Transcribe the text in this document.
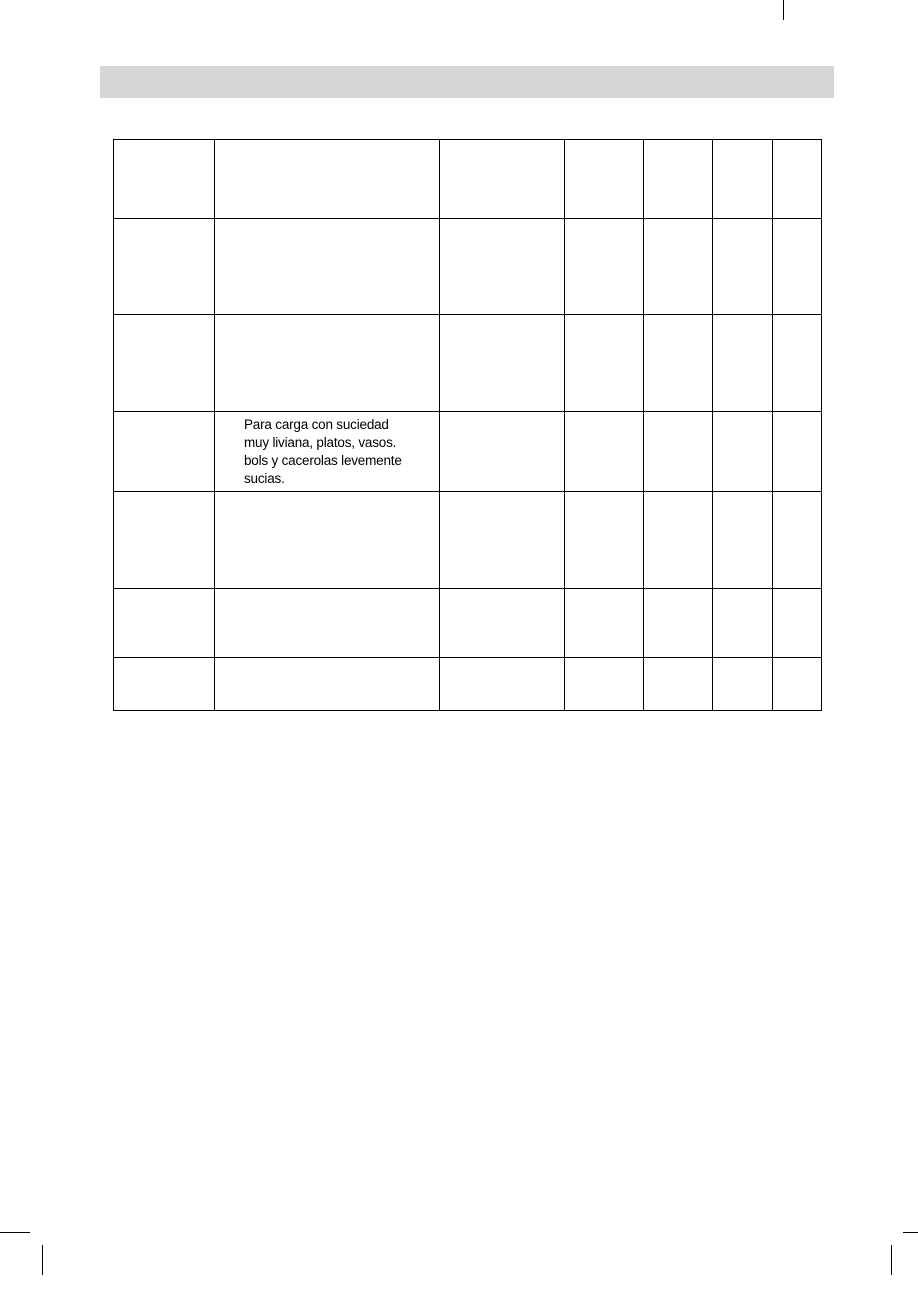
	Para carga con suciedad
muy liviana, platos, vasos.
bols y cacerolas levemente
sucias.					
